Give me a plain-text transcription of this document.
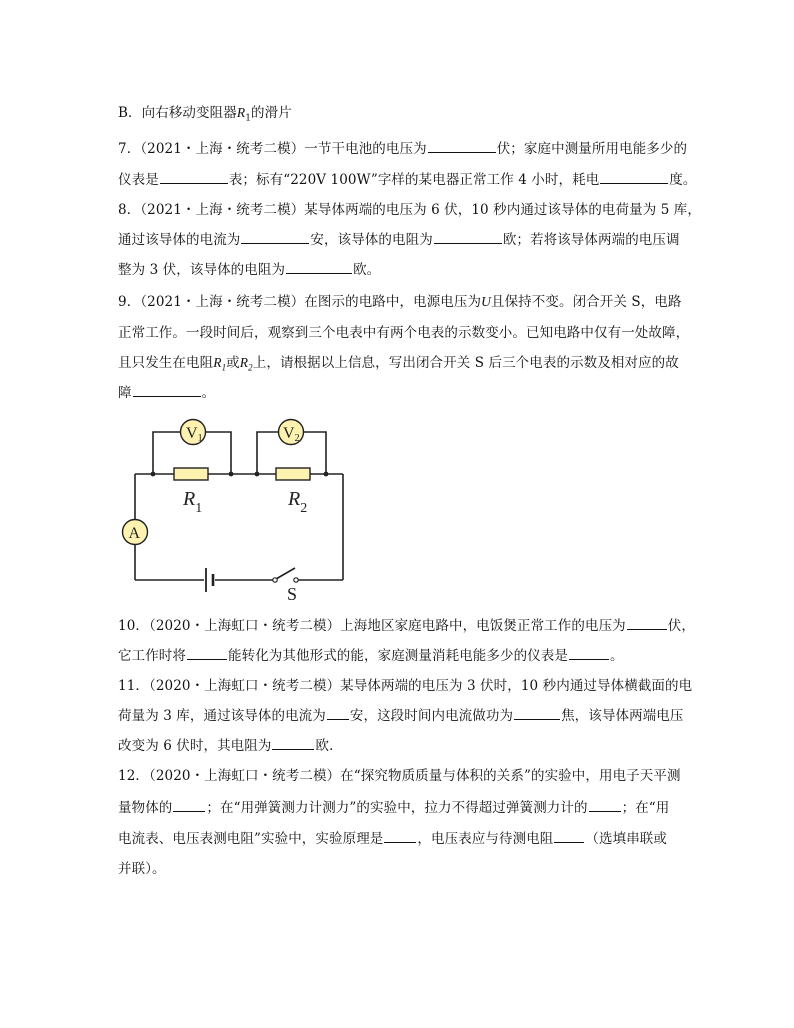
B．向右移动变阻器$R_1$的滑片
7．（2021・上海・统考二模）一节干电池的电压为	伏；家庭中测量所用电能多少的
仪表是	表；标有“220V 100W”字样的某电器正常工作 4 小时，耗电	度。
8．（2021・上海・统考二模）某导体两端的电压为 6 伏，10 秒内通过该导体的电荷量为 5 库，
通过该导体的电流为	安，该导体的电阻为	欧；若将该导体两端的电压调
整为 3 伏，该导体的电阻为	欧。
9．（2021・上海・统考二模）在图示的电路中，电源电压为U且保持不变。闭合开关 S，电路
正常工作。一段时间后，观察到三个电表中有两个电表的示数变小。已知电路中仅有一处故障，
且只发生在电阻$R_1$或$R_2$上，请根据以上信息，写出闭合开关 S 后三个电表的示数及相对应的故
障	。
V1	V2
A
$R_1$	$R_2$
S
10．（2020・上海虹口・统考二模）上海地区家庭电路中，电饭煲正常工作的电压为	伏，
它工作时将	能转化为其他形式的能，家庭测量消耗电能多少的仪表是	。
11．（2020・上海虹口・统考二模）某导体两端的电压为 3 伏时，10 秒内通过导体横截面的电
荷量为 3 库，通过该导体的电流为 安，这段时间内电流做功为	焦，该导体两端电压
改变为 6 伏时，其电阻为	欧．
12．（2020・上海虹口・统考二模）在“探究物质质量与体积的关系”的实验中，用电子天平测
量物体的	；在“用弹簧测力计测力”的实验中，拉力不得超过弹簧测力计的	；在“用
电流表、电压表测电阻”实验中，实验原理是	，电压表应与待测电阻 （选填串联或
并联）。
